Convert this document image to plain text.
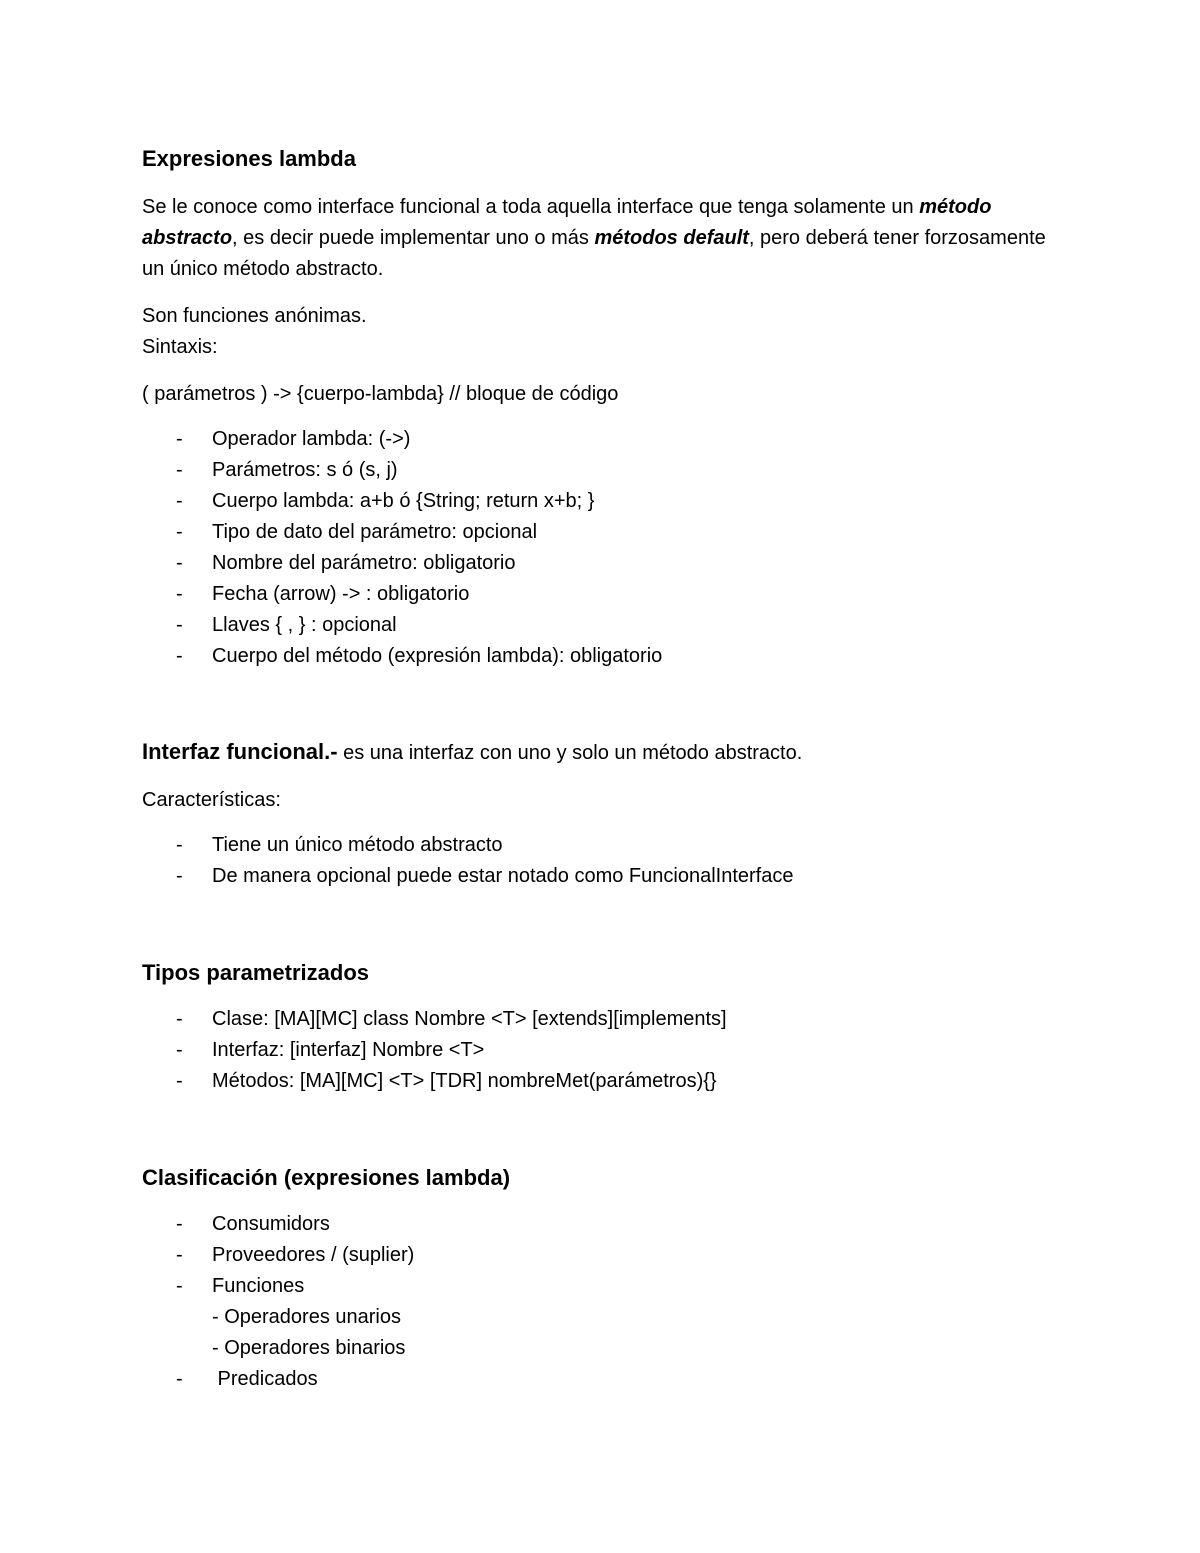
Expresiones lambda

Se le conoce como interface funcional a toda aquella interface que tenga solamente un método abstracto, es decir puede implementar uno o más métodos default, pero deberá tener forzosamente un único método abstracto.

Son funciones anónimas.

Sintaxis:

( parámetros ) -> {cuerpo-lambda} // bloque de código

- Operador lambda: (->)
- Parámetros: s ó (s, j)
- Cuerpo lambda: a+b ó {String; return x+b; }
- Tipo de dato del parámetro: opcional
- Nombre del parámetro: obligatorio
- Fecha (arrow) -> : obligatorio
- Llaves { , } : opcional
- Cuerpo del método (expresión lambda): obligatorio

Interfaz funcional.- es una interfaz con uno y solo un método abstracto.

Características:

- Tiene un único método abstracto
- De manera opcional puede estar notado como FuncionalInterface
Tipos parametrizados
- Clase: [MA][MC] class Nombre <T> [extends][implements]
- Interfaz: [interfaz] Nombre <T>
- Métodos: [MA][MC] <T> [TDR] nombreMet(parámetros){}
Clasificación (expresiones lambda)
- Consumidors
- Proveedores / (suplier)
- Funciones
- Operadores unarios
- Operadores binarios
-  Predicados
